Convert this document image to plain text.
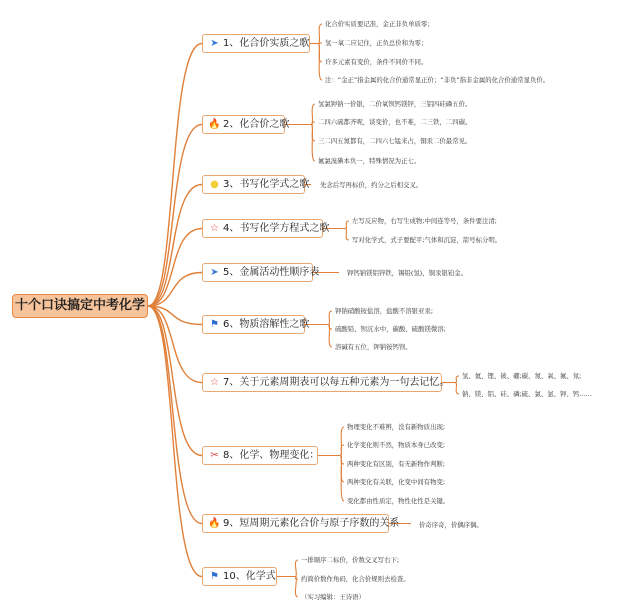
十个口诀搞定中考化学
➤ 1、化合价实质之歌
化合价实质要记准，金正非负单质零；
氢一氧二应记住，正负总价和为零；
许多元素有变价，条件不同价不同。
注：“金正”指金属的化合价通常显正价；“非负”指非金属的化合价通常显负价。
🔥 2、化合价之歌
氢氯钾钠一价银，二价氧钡钙镁锌，三铝四硅磷五价。
二四六硫都齐呢，谈变价，也不难，二三铁，二四碳。
三二四五氮都有，二四六七锰来占，铜汞二价最常见。
氟氯溴碘本负一，特殊情况为正七。
● 3、书写化学式之歌 先念后写再标价，约分之后相交叉。
☆ 4、书写化学方程式之歌
左写反应物，右写生成物;中间连等号，条件要注清;
写对化学式，式子要配平;气体和沉淀，箭号标分明。
➤ 5、金属活动性顺序表	钾钙钠镁铝锌铁，锡铅(氢)，铜汞银铂金。
⚑ 6、物质溶解性之歌
钾钠硝酸铵盐溶，盐酸不溶银亚汞;
硫酸铅、钡沉水中，碳酸、硫酸镁微溶;
溶碱有五位，钾钠铵钙钡。
☆ 7、关于元素周期表可以每五种元素为一句去记忆。
氢、氦、锂、铍、硼;碳、氮、氧、氟、氖;
钠、镁、铝、硅、磷;硫、氯、氩、钾、钙……
✂ 8、化学、物理变化：
物理变化不难辨，没有新物质出现;
化学变化则不然，物质本身已改变;
两种变化有区别，有无新物作判断;
两种变化有关联，化变中间有物变;
变化都由性质定，物性化性是关键。
🔥 9、短周期元素化合价与原子序数的关系	价奇序奇，价偶序偶。
⚑ 10、化学式
一排顺序二标价，价数交叉写右下;
约简价数作角码，化合价规则去检查。
（实习编辑：王诗语）
